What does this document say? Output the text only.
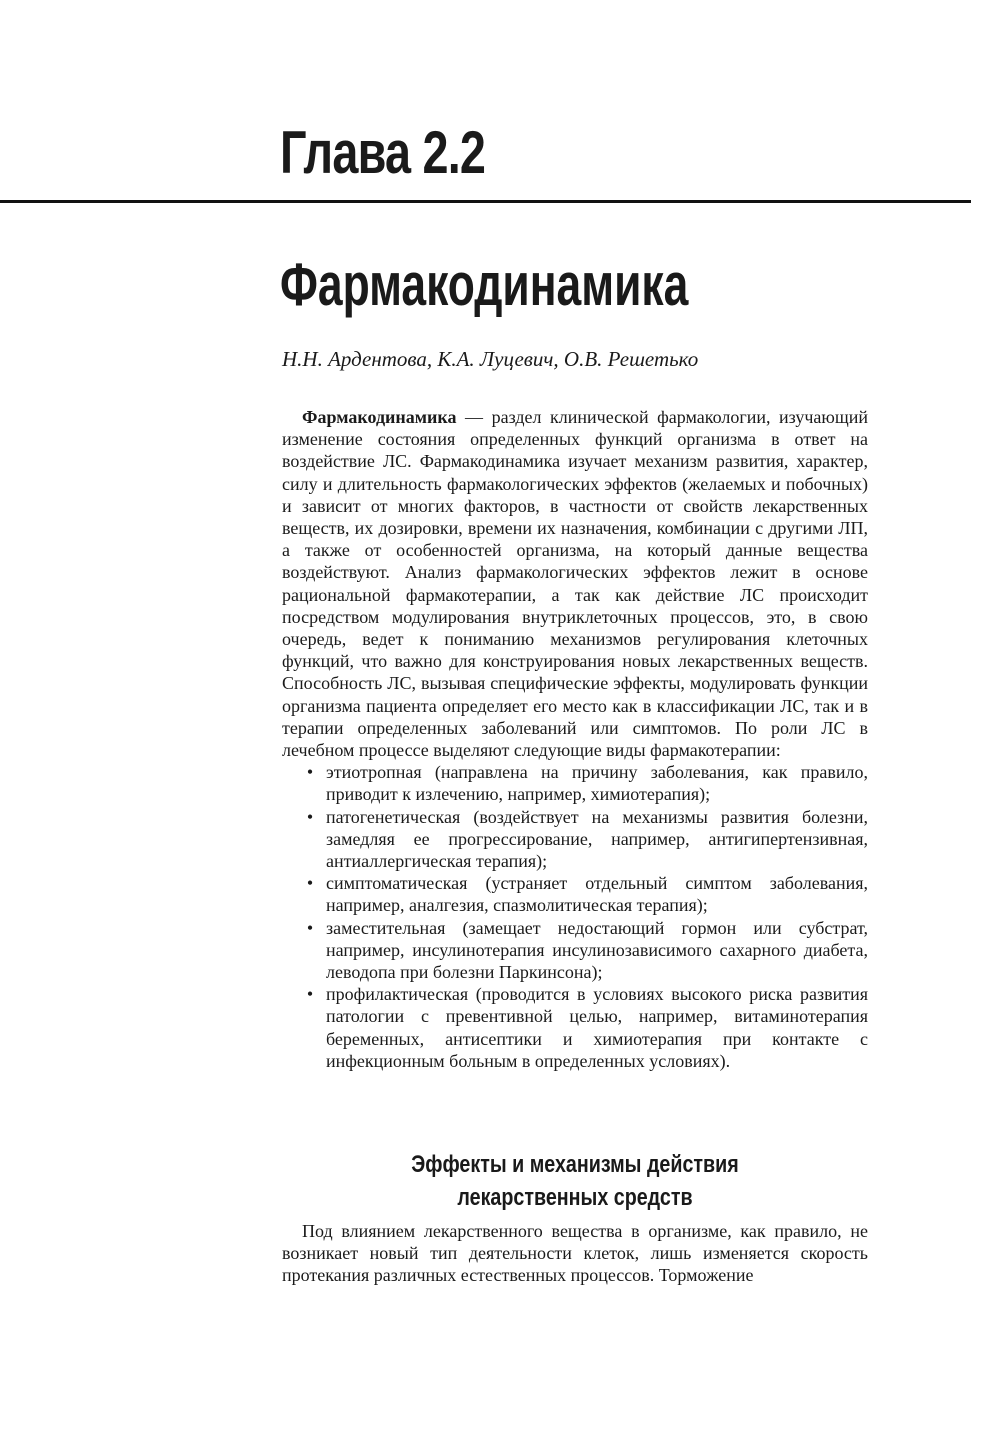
Глава 2.2
Фармакодинамика

Н.Н. Ардентова, К.А. Луцевич, О.В. Решетько

Фармакодинамика — раздел клинической фармакологии, изучающий изменение состояния определенных функций организма в ответ на воздействие ЛС. Фармакодинамика изучает механизм развития, характер, силу и длительность фармакологических эффектов (желаемых и побочных) и зависит от многих факторов, в частности от свойств лекарственных веществ, их дозировки, времени их назначения, комбинации с другими ЛП, а также от особенностей организма, на который данные вещества воздействуют. Анализ фармакологических эффектов лежит в основе рациональной фармакотерапии, а так как действие ЛС происходит посредством модулирования внутриклеточных процессов, это, в свою очередь, ведет к пониманию механизмов регулирования клеточных функций, что важно для конструирования новых лекарственных веществ. Способность ЛС, вызывая специфические эффекты, модулировать функции организма пациента определяет его место как в классификации ЛС, так и в терапии определенных заболеваний или симптомов. По роли ЛС в лечебном процессе выделяют следующие виды фармакотерапии:

• этиотропная (направлена на причину заболевания, как правило, приводит к излечению, например, химиотерапия);
• патогенетическая (воздействует на механизмы развития болезни, замедляя ее прогрессирование, например, антигипертензивная, антиаллергическая терапия);
• симптоматическая (устраняет отдельный симптом заболевания, например, аналгезия, спазмолитическая терапия);
• заместительная (замещает недостающий гормон или субстрат, например, инсулинотерапия инсулинозависимого сахарного диабета, леводопа при болезни Паркинсона);
• профилактическая (проводится в условиях высокого риска развития патологии с превентивной целью, например, витаминотерапия беременных, антисептики и химиотерапия при контакте с инфекционным больным в определенных условиях).
Эффекты и механизмы действия
лекарственных средств

Под влиянием лекарственного вещества в организме, как правило, не возникает новый тип деятельности клеток, лишь изменяется скорость протекания различных естественных процессов. Торможение
